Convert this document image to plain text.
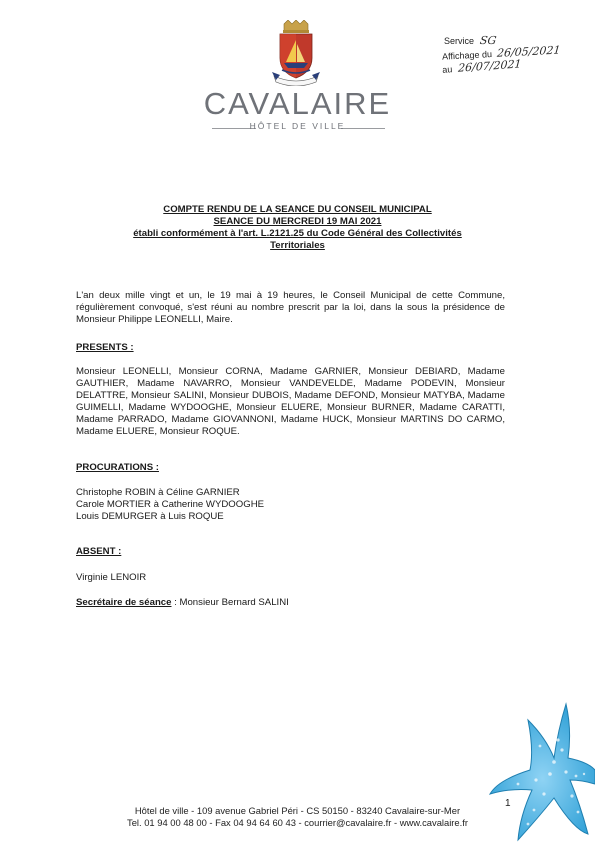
CAVALAIRE
HÔTEL DE VILLE
Service SG
Affichage du 26/05/2021
au 26/07/2021
COMPTE RENDU DE LA SEANCE DU CONSEIL MUNICIPAL
SEANCE DU MERCREDI 19 MAI 2021
établi conformément à l'art. L.2121.25 du Code Général des Collectivités
Territoriales
L'an deux mille vingt et un, le 19 mai à 19 heures, le Conseil Municipal de cette Commune, régulièrement convoqué, s'est réuni au nombre prescrit par la loi, dans la sous la présidence de Monsieur Philippe LEONELLI, Maire.
PRESENTS :
Monsieur LEONELLI, Monsieur CORNA, Madame GARNIER, Monsieur DEBIARD, Madame GAUTHIER, Madame NAVARRO, Monsieur VANDEVELDE, Madame PODEVIN, Monsieur DELATTRE, Monsieur SALINI, Monsieur DUBOIS, Madame DEFOND, Monsieur MATYBA, Madame GUIMELLI, Madame WYDOOGHE, Monsieur ELUERE, Monsieur BURNER, Madame CARATTI, Madame PARRADO, Madame GIOVANNONI, Madame HUCK, Monsieur MARTINS DO CARMO, Madame ELUERE, Monsieur ROQUE.
PROCURATIONS :
Christophe ROBIN à Céline GARNIER
Carole MORTIER à Catherine WYDOOGHE
Louis DEMURGER à Luis ROQUE
ABSENT :
Virginie LENOIR
Secrétaire de séance : Monsieur Bernard SALINI
1
Hôtel de ville - 109 avenue Gabriel Péri - CS 50150 - 83240 Cavalaire-sur-Mer
Tel. 01 94 00 48 00 - Fax 04 94 64 60 43 - courrier@cavalaire.fr - www.cavalaire.fr
